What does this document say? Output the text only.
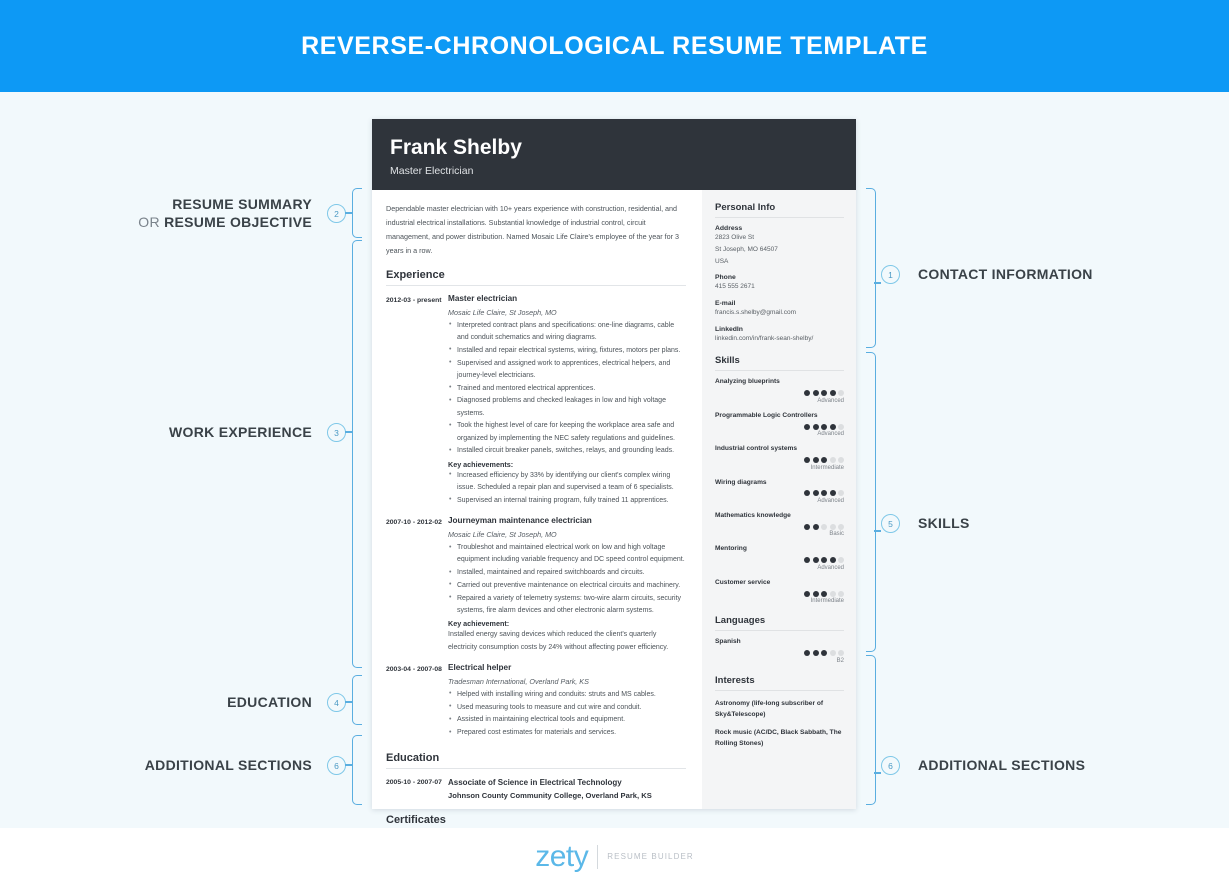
REVERSE-CHRONOLOGICAL RESUME TEMPLATE
Frank Shelby
Master Electrician
Dependable master electrician with 10+ years experience with construction, residential, and industrial electrical installations. Substantial knowledge of industrial control, circuit management, and power distribution. Named Mosaic Life Claire's employee of the year for 3 years in a row.
Experience
2012-03 - present Master electrician
Mosaic Life Claire, St Joseph, MO
• Interpreted contract plans and specifications: one-line diagrams, cable and conduit schematics and wiring diagrams.
• Installed and repair electrical systems, wiring, fixtures, motors per plans.
• Supervised and assigned work to apprentices, electrical helpers, and journey-level electricians.
• Trained and mentored electrical apprentices.
• Diagnosed problems and checked leakages in low and high voltage systems.
• Took the highest level of care for keeping the workplace area safe and organized by implementing the NEC safety regulations and guidelines.
• Installed circuit breaker panels, switches, relays, and grounding leads.
Key achievements:
• Increased efficiency by 33% by identifying our client's complex wiring issue. Scheduled a repair plan and supervised a team of 6 specialists.
• Supervised an internal training program, fully trained 11 apprentices.
2007-10 - 2012-02 Journeyman maintenance electrician
Mosaic Life Claire, St Joseph, MO
• Troubleshot and maintained electrical work on low and high voltage equipment including variable frequency and DC speed control equipment.
• Installed, maintained and repaired switchboards and circuits.
• Carried out preventive maintenance on electrical circuits and machinery.
• Repaired a variety of telemetry systems: two-wire alarm circuits, security systems, fire alarm devices and other electronic alarm systems.
Key achievement:
Installed energy saving devices which reduced the client's quarterly electricity consumption costs by 24% without affecting power efficiency.
2003-04 - 2007-08 Electrical helper
Tradesman International, Overland Park, KS
• Helped with installing wiring and conduits: struts and MS cables.
• Used measuring tools to measure and cut wire and conduit.
• Assisted in maintaining electrical tools and equipment.
• Prepared cost estimates for materials and services.
Education
2005-10 - 2007-07 Associate of Science in Electrical Technology
Johnson County Community College, Overland Park, KS
Certificates
Personal Info
Address
2823 Olive St
St Joseph, MO 64507
USA
Phone
415 555 2671
E-mail
francis.s.shelby@gmail.com
LinkedIn
linkedin.com/in/frank-sean-shelby/
Skills
Analyzing blueprints
Advanced
Programmable Logic Controllers
Advanced
Industrial control systems
Intermediate
Wiring diagrams
Advanced
Mathematics knowledge
Basic
Mentoring
Advanced
Customer service
Intermediate
Languages
Spanish
B2
Interests
Astronomy (life-long subscriber of Sky&Telescope)
Rock music (AC/DC, Black Sabbath, The Rolling Stones)
RESUME SUMMARY
OR RESUME OBJECTIVE
WORK EXPERIENCE
EDUCATION
ADDITIONAL SECTIONS
2
3
4
6
1
5
6
CONTACT INFORMATION
SKILLS
ADDITIONAL SECTIONS
zety RESUME BUILDER
